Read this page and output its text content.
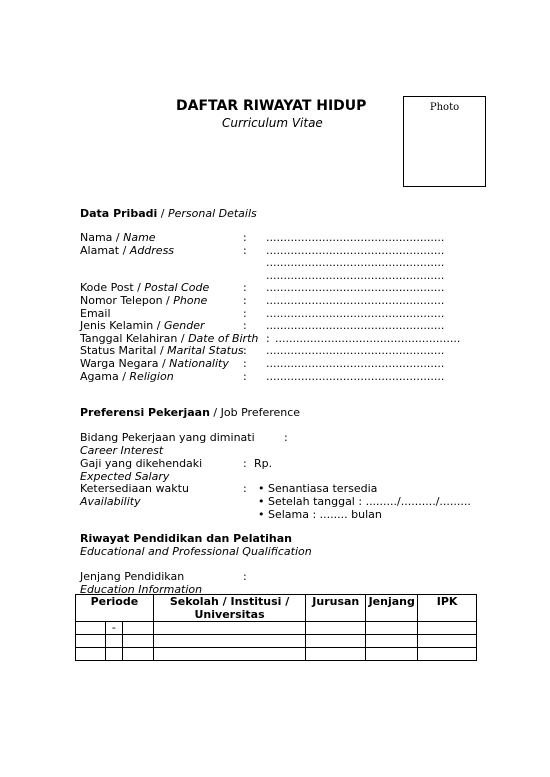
DAFTAR RIWAYAT HIDUP
Curriculum Vitae
Photo
Data Pribadi / Personal Details
Nama / Name	: ...................................................
Alamat / Address	: ...................................................
...................................................
...................................................
Kode Post / Postal Code	: ...................................................
Nomor Telepon / Phone	: ...................................................
Email	: ...................................................
Jenis Kelamin / Gender	: ...................................................
Tanggal Kelahiran / Date of Birth : .....................................................
Status Marital / Marital Status : ...................................................
Warga Negara / Nationality : ...................................................
Agama / Religion	: ...................................................
Preferensi Pekerjaan / Job Preference
Bidang Pekerjaan yang diminati	:
Career Interest
Gaji yang dikehendaki	: Rp.
Expected Salary
Ketersediaan waktu	:
Availability
• Senantiasa tersedia
• Setelah tanggal : ........./........../.........
• Selama : ........ bulan
Riwayat Pendidikan dan Pelatihan
Educational and Professional Qualification
Jenjang Pendidikan	:
Education Information
Periode			Sekolah / Institusi / Universitas	Jurusan	Jenjang	IPK
	-					
